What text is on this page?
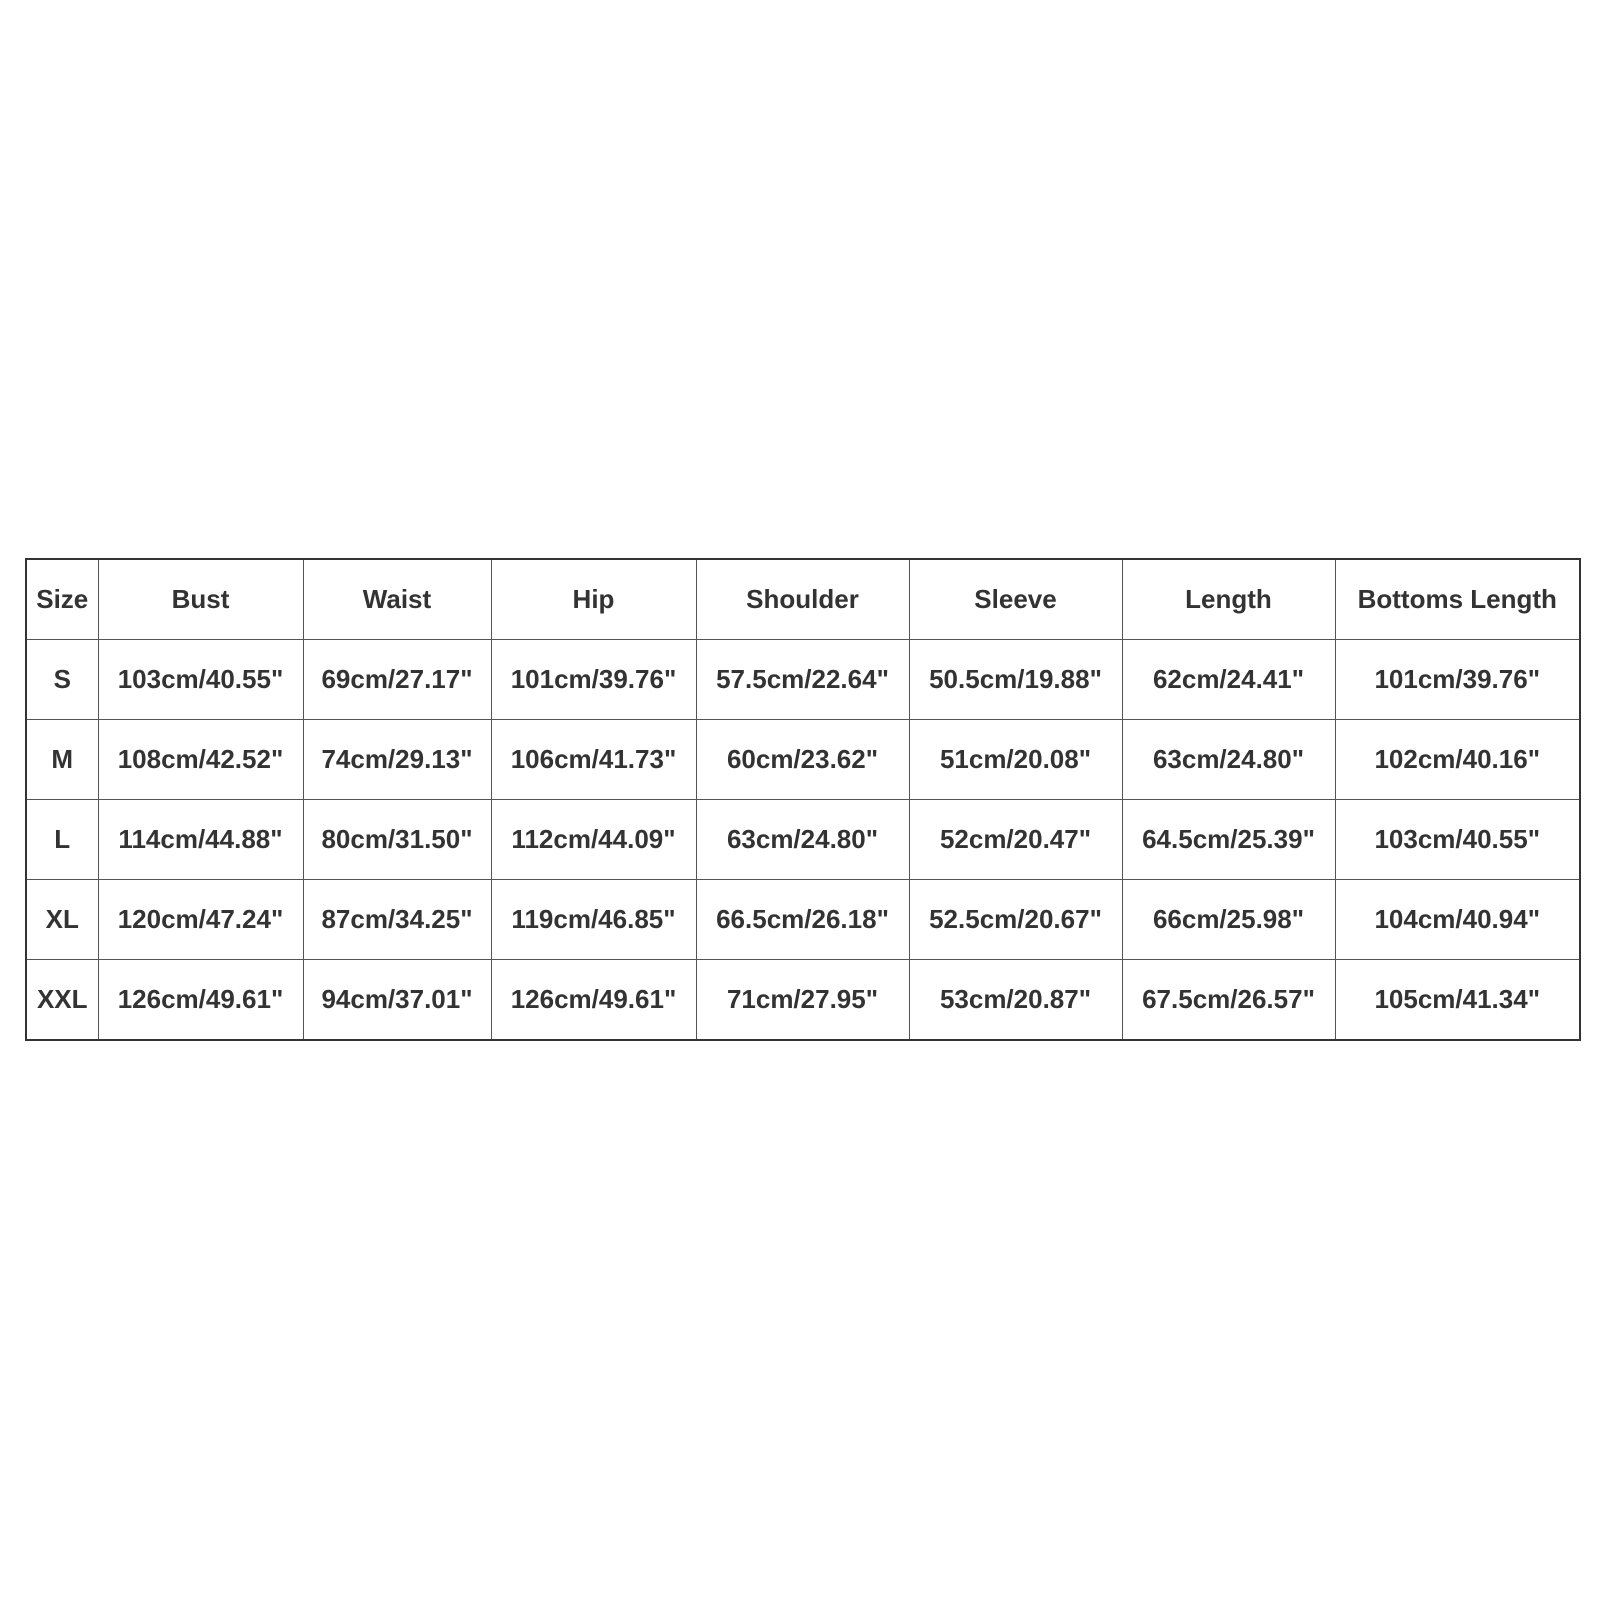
Size	Bust	Waist	Hip	Shoulder	Sleeve	Length	Bottoms Length
S	103cm/40.55"	69cm/27.17"	101cm/39.76"	57.5cm/22.64"	50.5cm/19.88"	62cm/24.41"	101cm/39.76"
M	108cm/42.52"	74cm/29.13"	106cm/41.73"	60cm/23.62"	51cm/20.08"	63cm/24.80"	102cm/40.16"
L	114cm/44.88"	80cm/31.50"	112cm/44.09"	63cm/24.80"	52cm/20.47"	64.5cm/25.39"	103cm/40.55"
XL	120cm/47.24"	87cm/34.25"	119cm/46.85"	66.5cm/26.18"	52.5cm/20.67"	66cm/25.98"	104cm/40.94"
XXL	126cm/49.61"	94cm/37.01"	126cm/49.61"	71cm/27.95"	53cm/20.87"	67.5cm/26.57"	105cm/41.34"
